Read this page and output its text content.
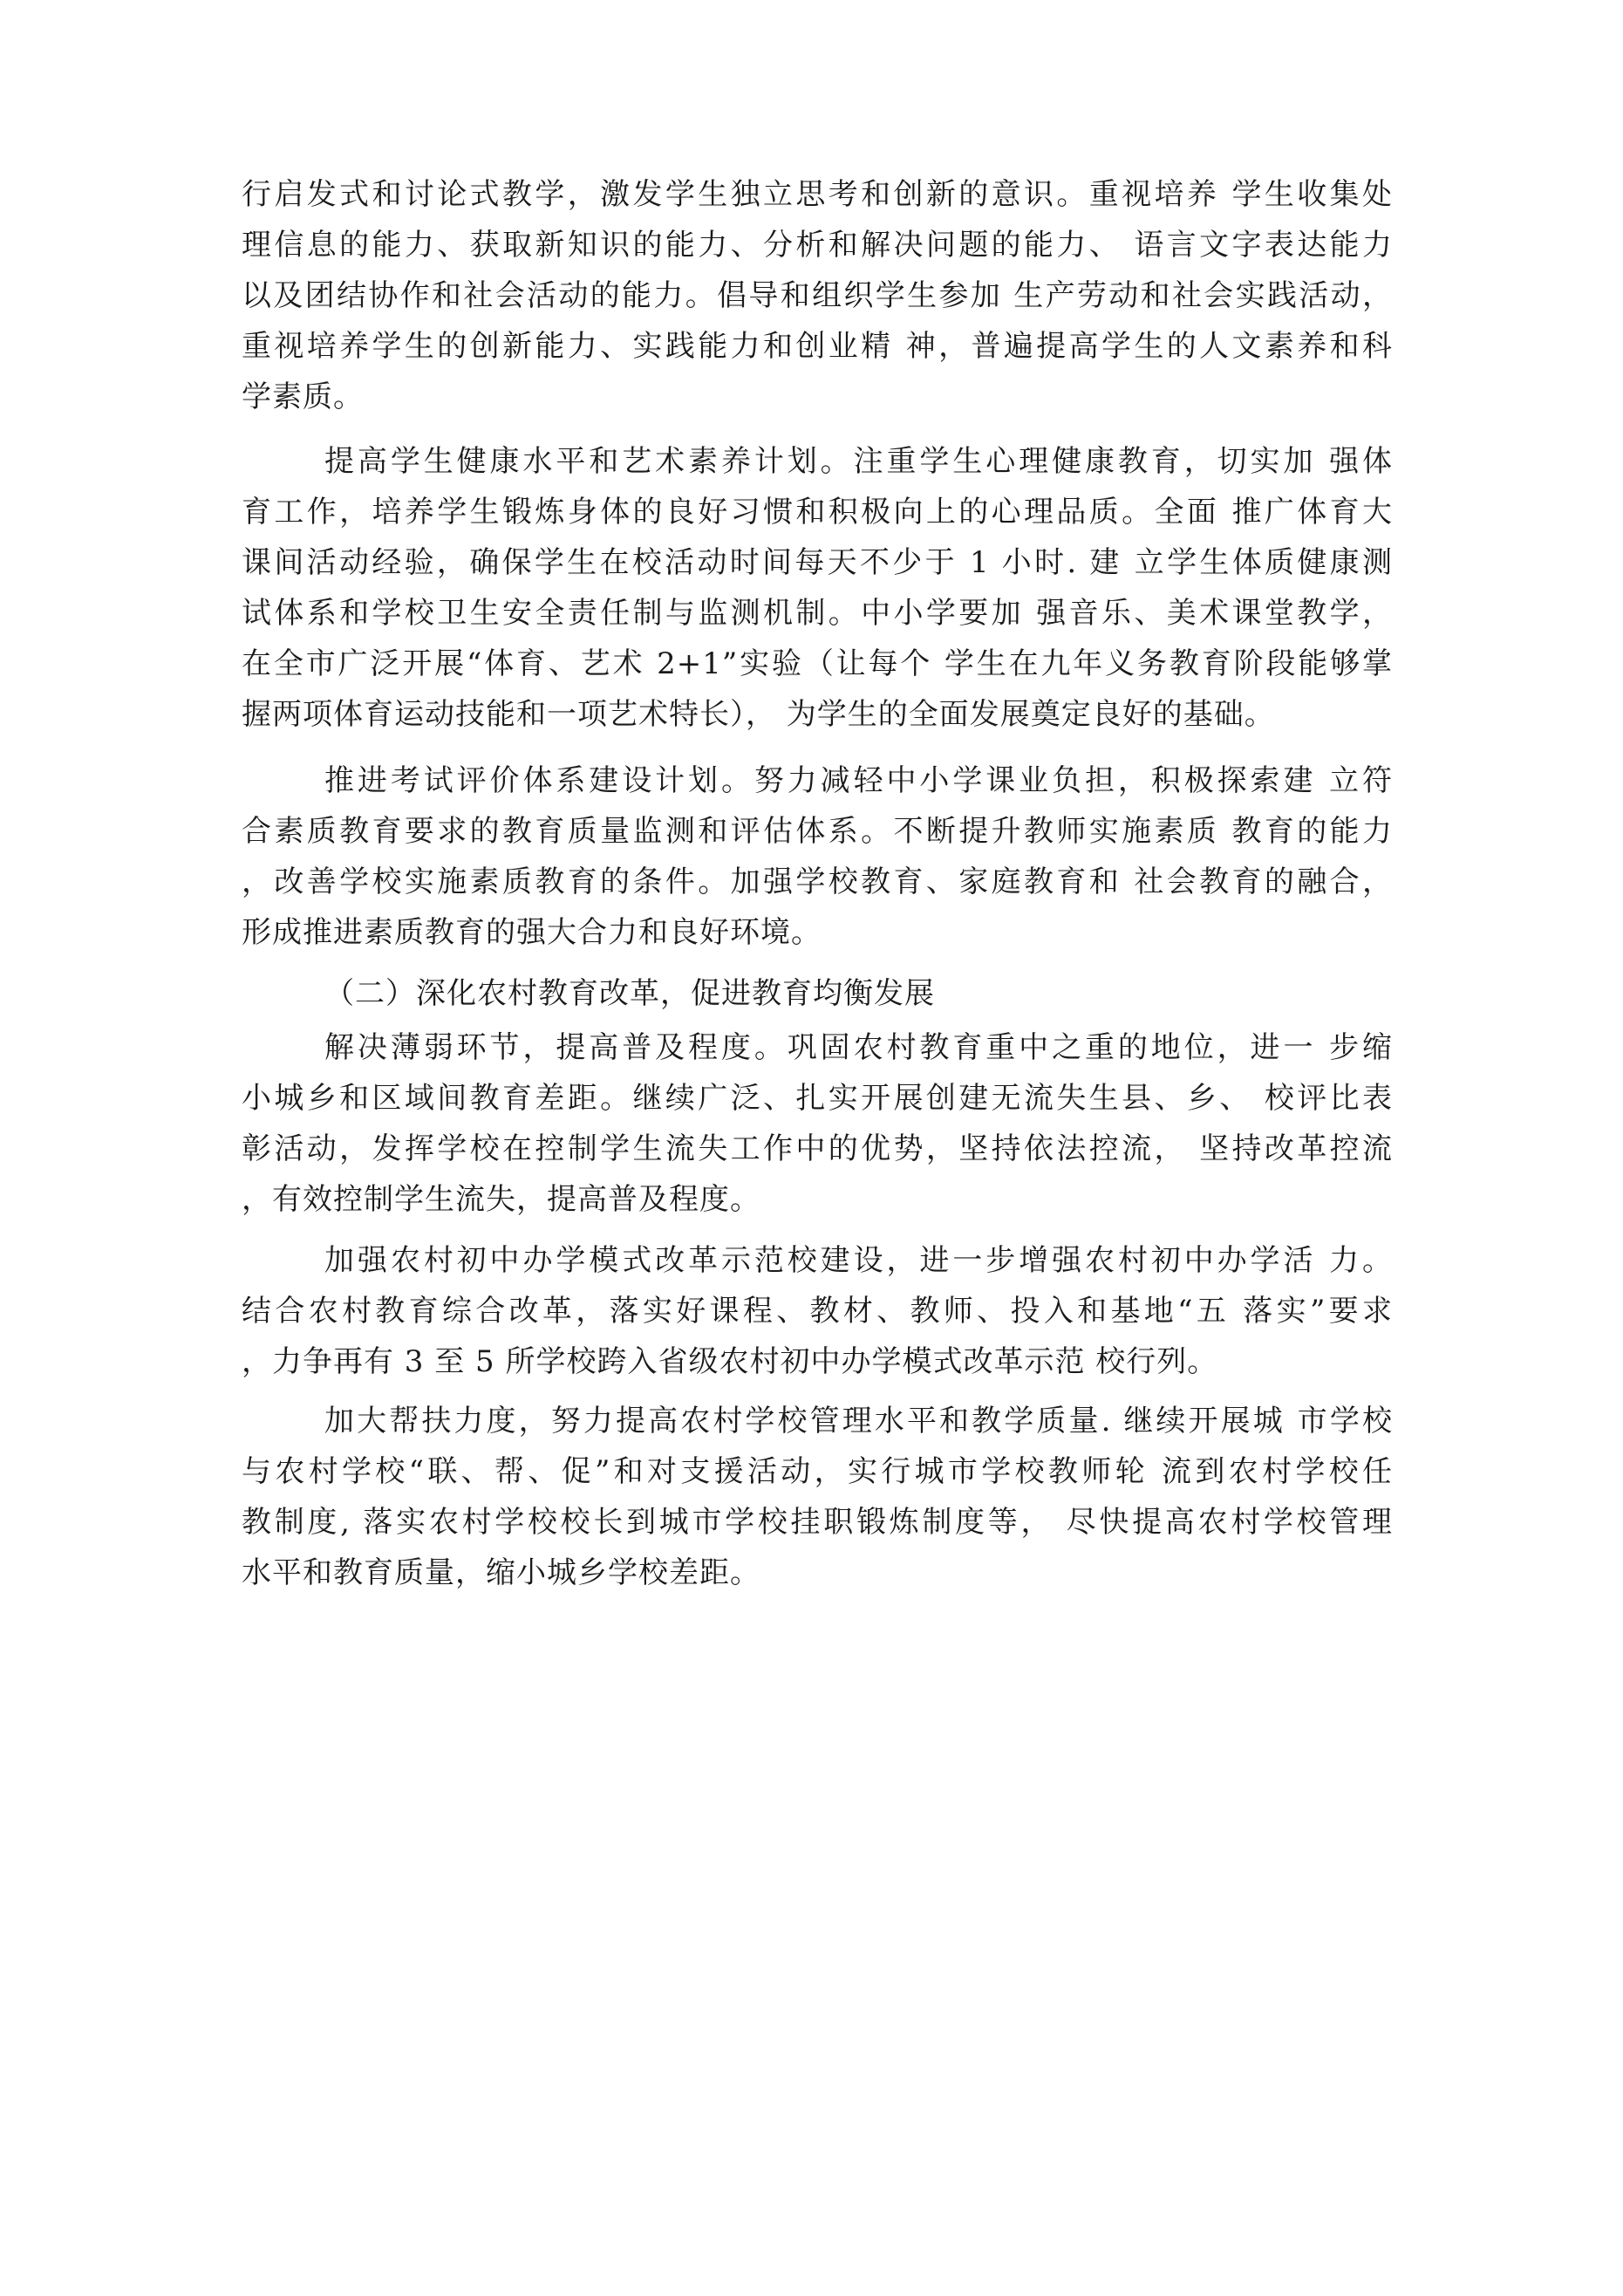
行启发式和讨论式教学，激发学生独立思考和创新的意识。重视培养 学生收集处
理信息的能力、获取新知识的能力、分析和解决问题的能力、 语言文字表达能力
以及团结协作和社会活动的能力。倡导和组织学生参加 生产劳动和社会实践活动，
重视培养学生的创新能力、实践能力和创业精 神，普遍提高学生的人文素养和科
学素质。
提高学生健康水平和艺术素养计划。注重学生心理健康教育，切实加 强体
育工作，培养学生锻炼身体的良好习惯和积极向上的心理品质。全面 推广体育大
课间活动经验，确保学生在校活动时间每天不少于 1 小时. 建 立学生体质健康测
试体系和学校卫生安全责任制与监测机制。中小学要加 强音乐、美术课堂教学，
在全市广泛开展“体育、艺术 2+1”实验（让每个 学生在九年义务教育阶段能够掌
握两项体育运动技能和一项艺术特长）， 为学生的全面发展奠定良好的基础。
推进考试评价体系建设计划。努力减轻中小学课业负担，积极探索建 立符
合素质教育要求的教育质量监测和评估体系。不断提升教师实施素质 教育的能力
，改善学校实施素质教育的条件。加强学校教育、家庭教育和 社会教育的融合，
形成推进素质教育的强大合力和良好环境。
（二）深化农村教育改革，促进教育均衡发展
解决薄弱环节，提高普及程度。巩固农村教育重中之重的地位，进一 步缩
小城乡和区域间教育差距。继续广泛、扎实开展创建无流失生县、乡、 校评比表
彰活动，发挥学校在控制学生流失工作中的优势，坚持依法控流， 坚持改革控流
，有效控制学生流失，提高普及程度。
加强农村初中办学模式改革示范校建设，进一步增强农村初中办学活 力。
结合农村教育综合改革，落实好课程、教材、教师、投入和基地“五 落实”要求
，力争再有 3 至 5 所学校跨入省级农村初中办学模式改革示范 校行列。
加大帮扶力度，努力提高农村学校管理水平和教学质量. 继续开展城 市学校
与农村学校“联、帮、促”和对支援活动，实行城市学校教师轮 流到农村学校任
教制度, 落实农村学校校长到城市学校挂职锻炼制度等， 尽快提高农村学校管理
水平和教育质量，缩小城乡学校差距。
